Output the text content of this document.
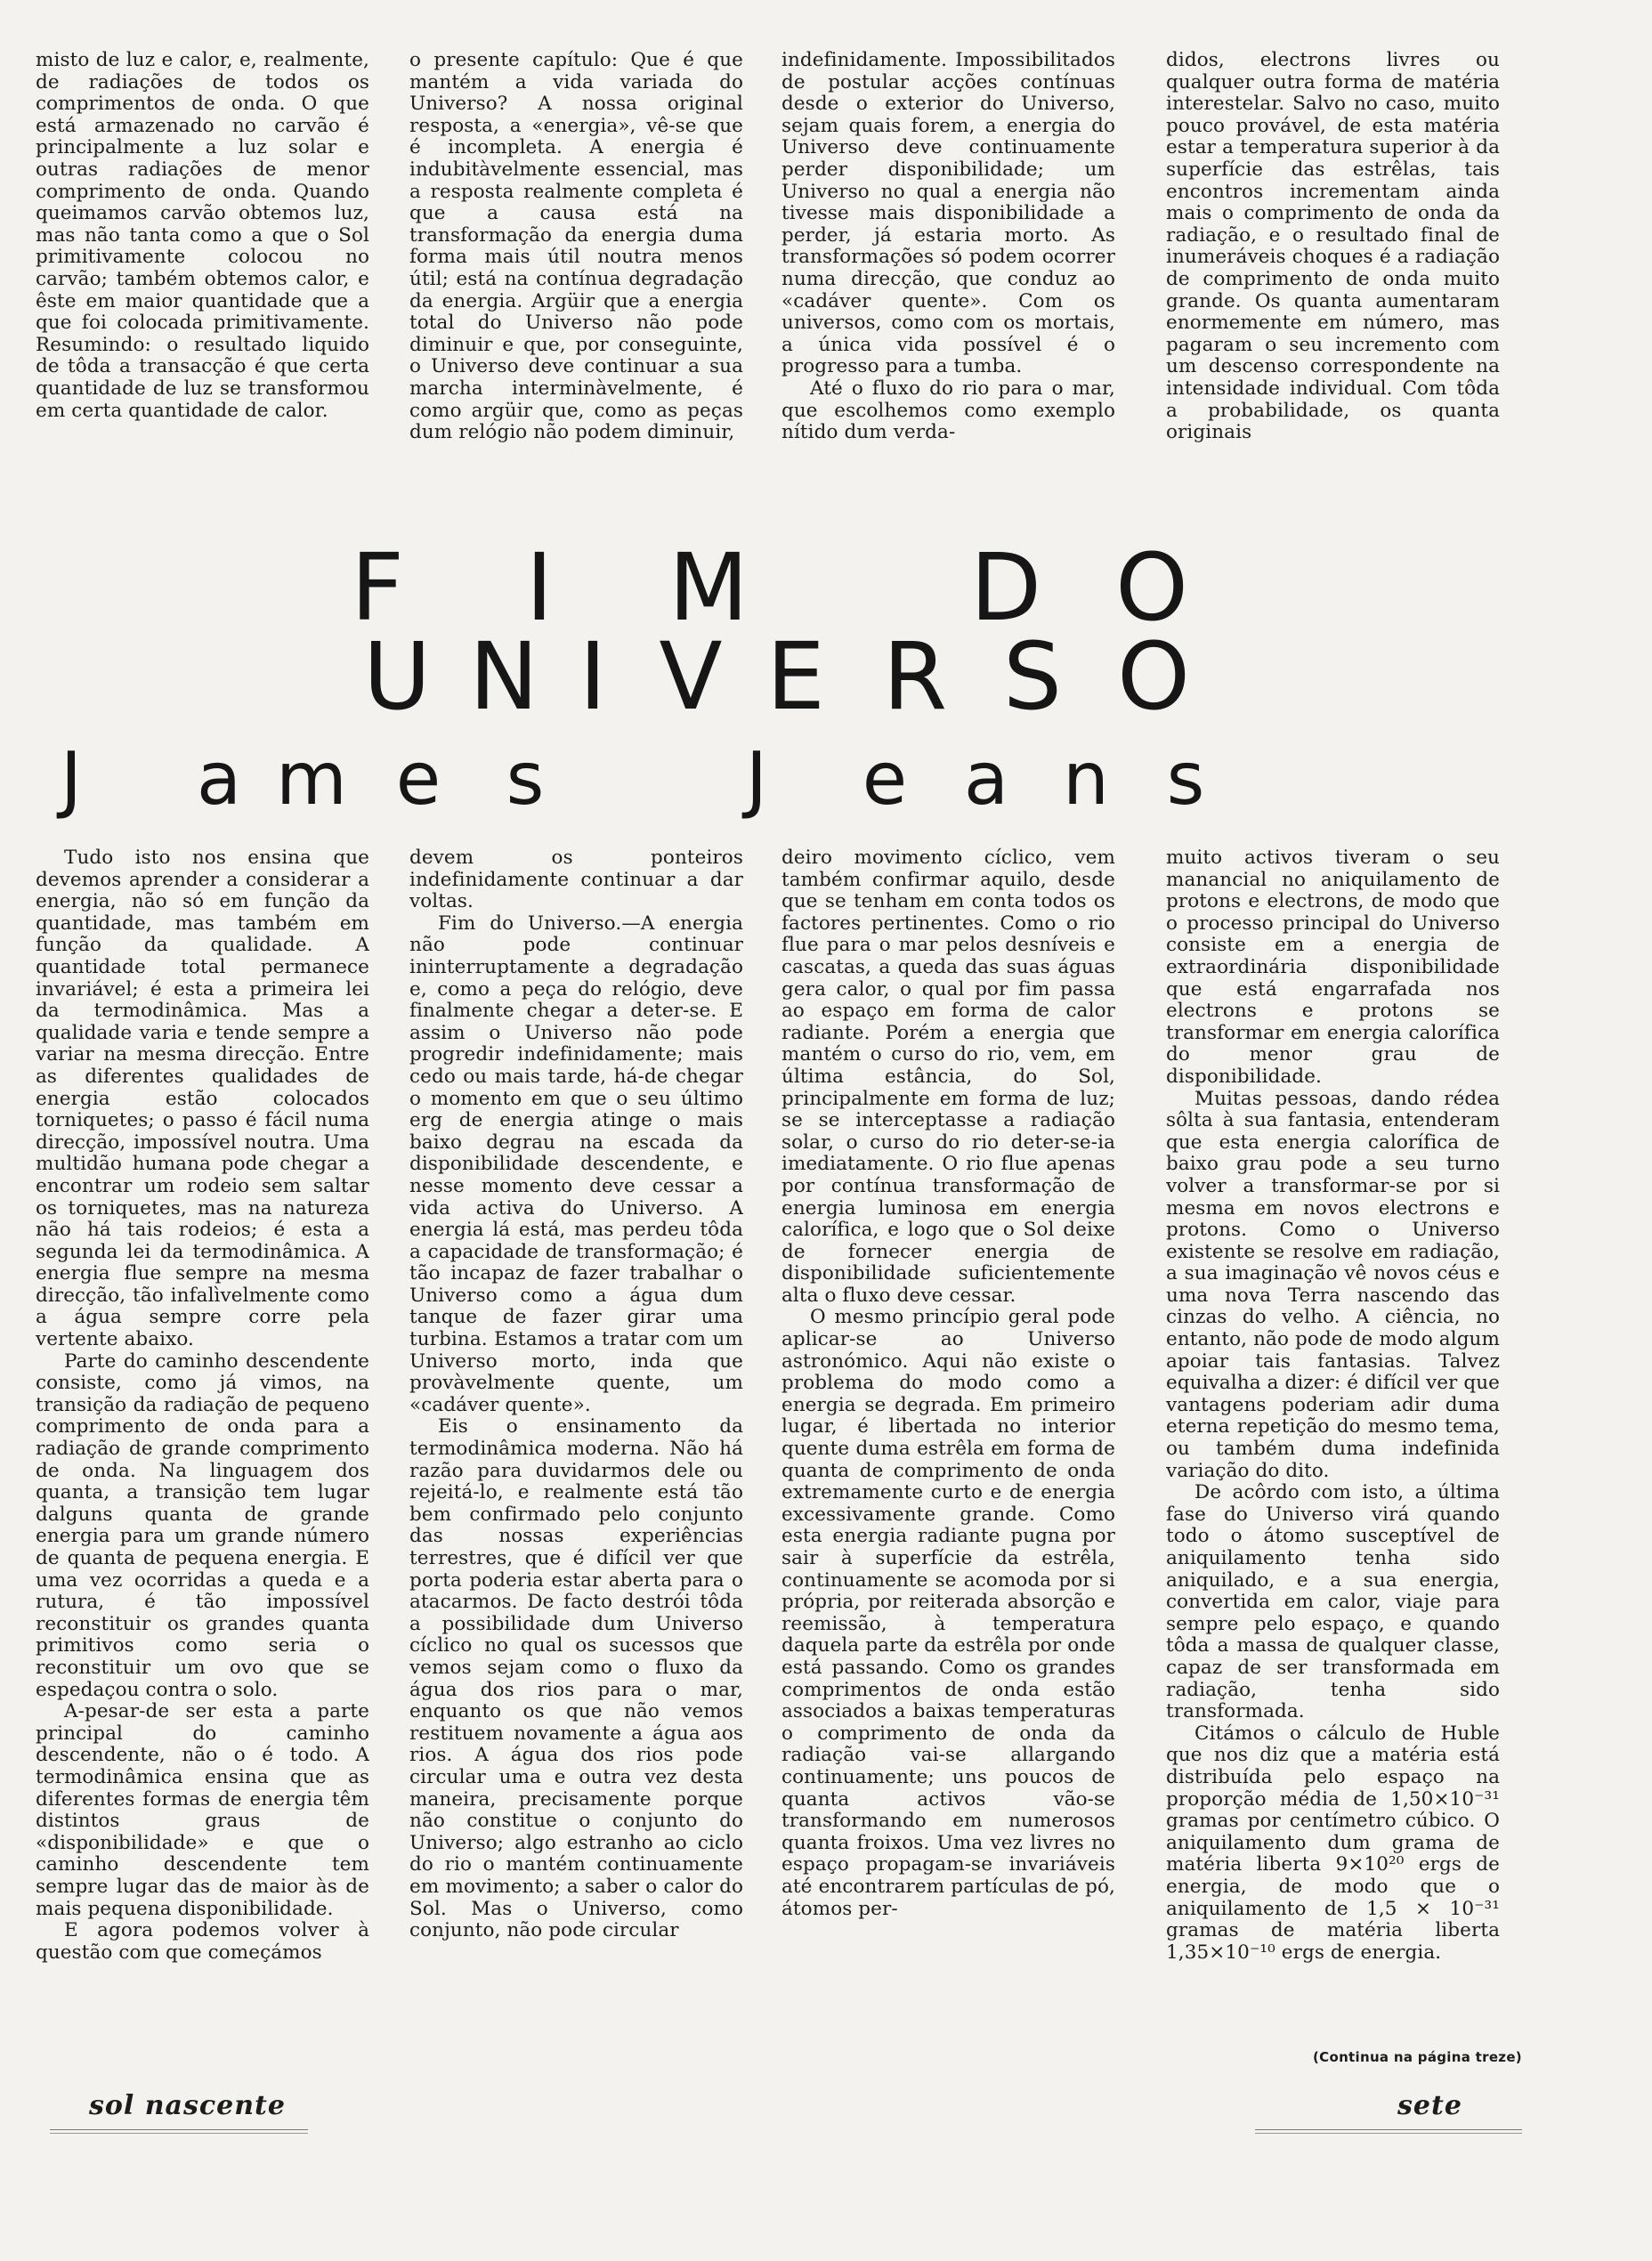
misto de luz e calor, e, realmente, de radiações de todos os comprimentos de onda. O que está armazenado no carvão é principalmente a luz solar e outras radiações de menor comprimento de onda. Quando queimamos carvão obtemos luz, mas não tanta como a que o Sol primitivamente colocou no carvão; também obtemos calor, e êste em maior quantidade que a que foi colocada primitivamente. Resumindo: o resultado liquido de tôda a transacção é que certa quantidade de luz se transformou em certa quantidade de calor.

o presente capítulo: Que é que mantém a vida variada do Universo? A nossa original resposta, a «energia», vê-se que é incompleta. A energia é indubitàvelmente essencial, mas a resposta realmente completa é que a causa está na transformação da energia duma forma mais útil noutra menos útil; está na contínua degradação da energia. Argüir que a energia total do Universo não pode diminuir e que, por conseguinte, o Universo deve continuar a sua marcha interminàvelmente, é como argüir que, como as peças dum relógio não podem diminuir,

indefinidamente. Impossibilitados de postular acções contínuas desde o exterior do Universo, sejam quais forem, a energia do Universo deve continuamente perder disponibilidade; um Universo no qual a energia não tivesse mais disponibilidade a perder, já estaria morto. As transformações só podem ocorrer numa direcção, que conduz ao «cadáver quente». Com os universos, como com os mortais, a única vida possível é o progresso para a tumba.

Até o fluxo do rio para o mar, que escolhemos como exemplo nítido dum verda-

didos, electrons livres ou qualquer outra forma de matéria interestelar. Salvo no caso, muito pouco provável, de esta matéria estar a temperatura superior à da superfície das estrêlas, tais encontros incrementam ainda mais o comprimento de onda da radiação, e o resultado final de inumeráveis choques é a radiação de comprimento de onda muito grande. Os quanta aumentaram enormemente em número, mas pagaram o seu incremento com um descenso correspondente na intensidade individual. Com tôda a probabilidade, os quanta originais

F I M D O
U N I V E R S O
J a m e s	J e a n s

Tudo isto nos ensina que devemos aprender a considerar a energia, não só em função da quantidade, mas também em função da qualidade. A quantidade total permanece invariável; é esta a primeira lei da termodinâmica. Mas a qualidade varia e tende sempre a variar na mesma direcção. Entre as diferentes qualidades de energia estão colocados torniquetes; o passo é fácil numa direcção, impossível noutra. Uma multidão humana pode chegar a encontrar um rodeio sem saltar os torniquetes, mas na natureza não há tais rodeios; é esta a segunda lei da termodinâmica. A energia flue sempre na mesma direcção, tão infalìvelmente como a água sempre corre pela vertente abaixo.

Parte do caminho descendente consiste, como já vimos, na transição da radiação de pequeno comprimento de onda para a radiação de grande comprimento de onda. Na linguagem dos quanta, a transição tem lugar dalguns quanta de grande energia para um grande número de quanta de pequena energia. E uma vez ocorridas a queda e a rutura, é tão impossível reconstituir os grandes quanta primitivos como seria o reconstituir um ovo que se espedaçou contra o solo.

A-pesar-de ser esta a parte principal do caminho descendente, não o é todo. A termodinâmica ensina que as diferentes formas de energia têm distintos graus de «disponibilidade» e que o caminho descendente tem sempre lugar das de maior às de mais pequena disponibilidade.

E agora podemos volver à questão com que começámos

devem os ponteiros indefinidamente continuar a dar voltas.

Fim do Universo.—A energia não pode continuar ininterruptamente a degradação e, como a peça do relógio, deve finalmente chegar a deter-se. E assim o Universo não pode progredir indefinidamente; mais cedo ou mais tarde, há-de chegar o momento em que o seu último erg de energia atinge o mais baixo degrau na escada da disponibilidade descendente, e nesse momento deve cessar a vida activa do Universo. A energia lá está, mas perdeu tôda a capacidade de transformação; é tão incapaz de fazer trabalhar o Universo como a água dum tanque de fazer girar uma turbina. Estamos a tratar com um Universo morto, inda que provàvelmente quente, um «cadáver quente».

Eis o ensinamento da termodinâmica moderna. Não há razão para duvidarmos dele ou rejeitá-lo, e realmente está tão bem confirmado pelo conjunto das nossas experiências terrestres, que é difícil ver que porta poderia estar aberta para o atacarmos. De facto destrói tôda a possibilidade dum Universo cíclico no qual os sucessos que vemos sejam como o fluxo da água dos rios para o mar, enquanto os que não vemos restituem novamente a água aos rios. A água dos rios pode circular uma e outra vez desta maneira, precisamente porque não constitue o conjunto do Universo; algo estranho ao ciclo do rio o mantém continuamente em movimento; a saber o calor do Sol. Mas o Universo, como conjunto, não pode circular

deiro movimento cíclico, vem também confirmar aquilo, desde que se tenham em conta todos os factores pertinentes. Como o rio flue para o mar pelos desníveis e cascatas, a queda das suas águas gera calor, o qual por fim passa ao espaço em forma de calor radiante. Porém a energia que mantém o curso do rio, vem, em última estância, do Sol, principalmente em forma de luz; se se interceptasse a radiação solar, o curso do rio deter-se-ia imediatamente. O rio flue apenas por contínua transformação de energia luminosa em energia calorífica, e logo que o Sol deixe de fornecer energia de disponibilidade suficientemente alta o fluxo deve cessar.

O mesmo princípio geral pode aplicar-se ao Universo astronómico. Aqui não existe o problema do modo como a energia se degrada. Em primeiro lugar, é libertada no interior quente duma estrêla em forma de quanta de comprimento de onda extremamente curto e de energia excessivamente grande. Como esta energia radiante pugna por sair à superfície da estrêla, continuamente se acomoda por si própria, por reiterada absorção e reemissão, à temperatura daquela parte da estrêla por onde está passando. Como os grandes comprimentos de onda estão associados a baixas temperaturas o comprimento de onda da radiação vai-se allargando continuamente; uns poucos de quanta activos vão-se transformando em numerosos quanta froixos. Uma vez livres no espaço propagam-se invariáveis até encontrarem partículas de pó, átomos per-

muito activos tiveram o seu manancial no aniquilamento de protons e electrons, de modo que o processo principal do Universo consiste em a energia de extraordinária disponibilidade que está engarrafada nos electrons e protons se transformar em energia calorífica do menor grau de disponibilidade.

Muitas pessoas, dando rédea sôlta à sua fantasia, entenderam que esta energia calorífica de baixo grau pode a seu turno volver a transformar-se por si mesma em novos electrons e protons. Como o Universo existente se resolve em radiação, a sua imaginação vê novos céus e uma nova Terra nascendo das cinzas do velho. A ciência, no entanto, não pode de modo algum apoiar tais fantasias. Talvez equivalha a dizer: é difícil ver que vantagens poderiam adir duma eterna repetição do mesmo tema, ou também duma indefinida variação do dito.

De acôrdo com isto, a última fase do Universo virá quando todo o átomo susceptível de aniquilamento tenha sido aniquilado, e a sua energia, convertida em calor, viaje para sempre pelo espaço, e quando tôda a massa de qualquer classe, capaz de ser transformada em radiação, tenha sido transformada.

Citámos o cálculo de Huble que nos diz que a matéria está distribuída pelo espaço na proporção média de 1,50×10⁻³¹ gramas por centímetro cúbico. O aniquilamento dum grama de matéria liberta 9×10²⁰ ergs de energia, de modo que o aniquilamento de 1,5 × 10⁻³¹ gramas de matéria liberta 1,35×10⁻¹⁰ ergs de energia.

(Continua na página treze)
sol nascente	sete
